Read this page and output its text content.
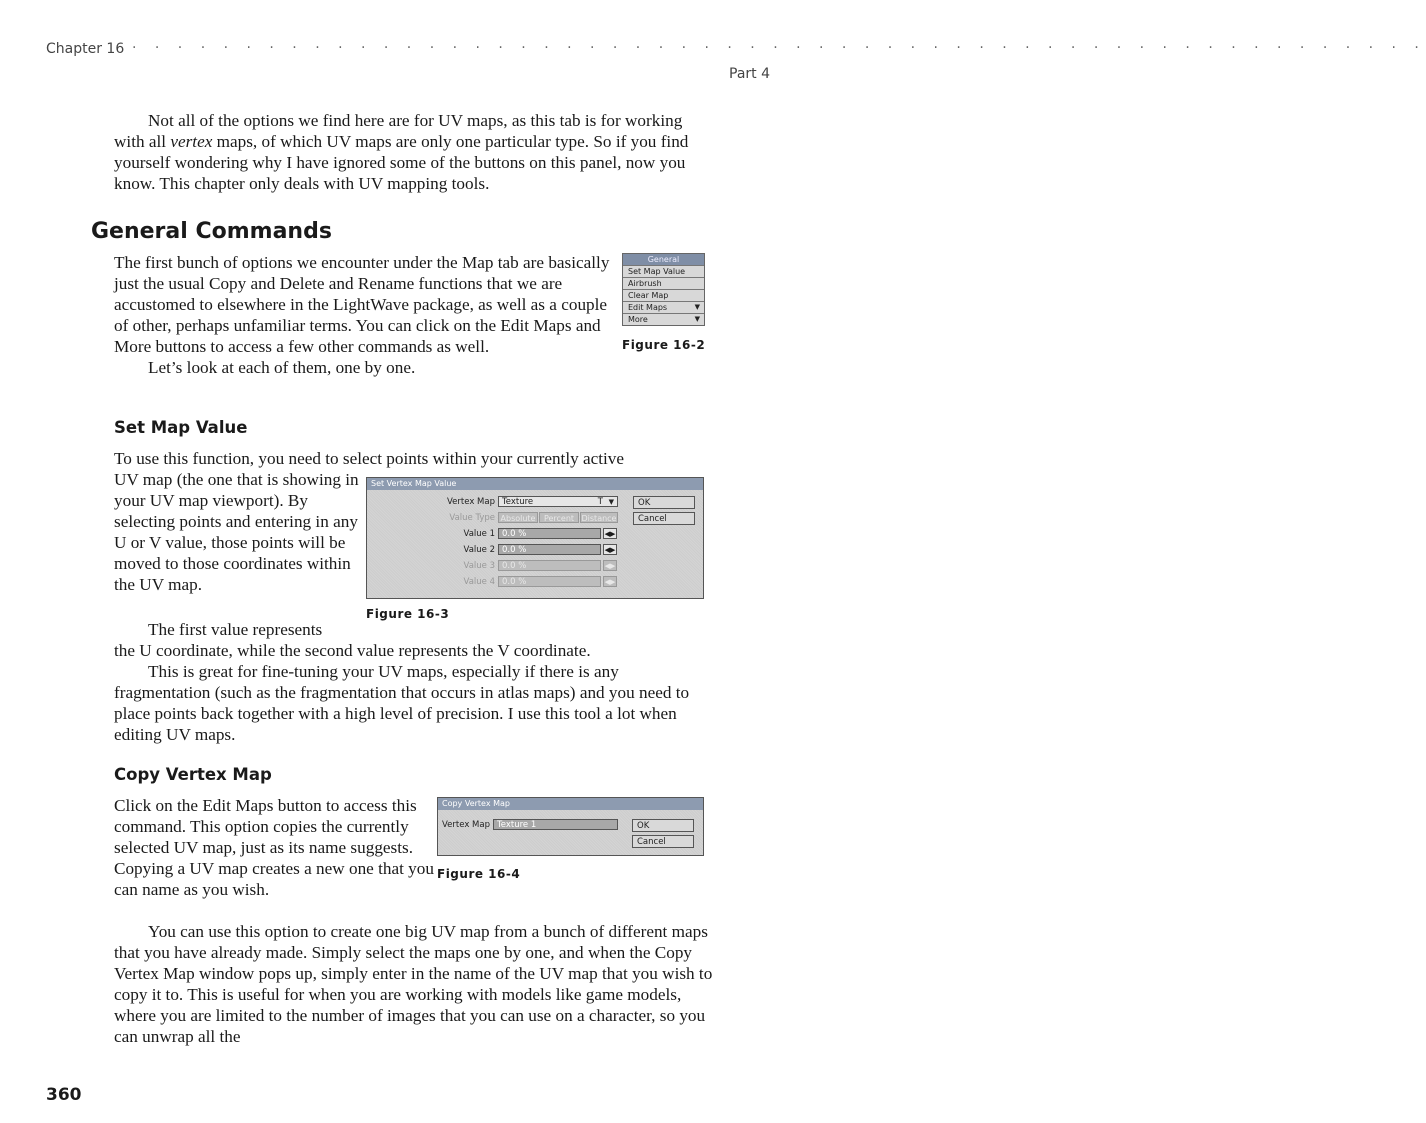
Chapter 16 · · · · · · · · · · · · · · · · · · · · · · · · · · · · · · · · · · · · · · · · · · · · · · · · · · · · · · · · ·
Part 4

Not all of the options we find here are for UV maps, as this tab is for working with all vertex maps, of which UV maps are only one particular type. So if you find yourself wondering why I have ignored some of the buttons on this panel, now you know. This chapter only deals with UV mapping tools.

General Commands

The first bunch of options we encounter under the Map tab are basically just the usual Copy and Delete and Rename functions that we are accustomed to elsewhere in the LightWave package, as well as a couple of other, perhaps unfamiliar terms. You can click on the Edit Maps and More buttons to access a few other commands as well.

Let’s look at each of them, one by one.

General
Set Map Value
Airbrush
Clear Map
Edit Maps	▼
More	▼
Figure 16-2
Set Map Value

To use this function, you need to select points within your currently active

UV map (the one that is showing in your UV map viewport). By selecting points and entering in any U or V value, those points will be moved to those coordinates within the UV map.

The first value represents

the U coordinate, while the second value represents the V coordinate.

This is great for fine-tuning your UV maps, especially if there is any fragmentation (such as the fragmentation that occurs in atlas maps) and you need to place points back together with a high level of precision. I use this tool a lot when editing UV maps.

Set Vertex Map Value
Vertex Map Texture	T ▼	OK
Cancel
Value Type Absolute	Percent Distance
Value 1 0.0 %	◀▶
Value 2 0.0 %	◀▶
Value 3 0.0 %	◀▶
Value 4 0.0 %	◀▶
Figure 16-3
Copy Vertex Map

Click on the Edit Maps button to access this command. This option copies the currently selected UV map, just as its name suggests. Copying a UV map creates a new one that you can name as you wish.

Copy Vertex Map
Vertex Map Texture 1	OK
Cancel
Figure 16-4

You can use this option to create one big UV map from a bunch of different maps that you have already made. Simply select the maps one by one, and when the Copy Vertex Map window pops up, simply enter in the name of the UV map that you wish to copy it to. This is useful for when you are working with models like game models, where you are limited to the number of images that you can use on a character, so you can unwrap all the

360
